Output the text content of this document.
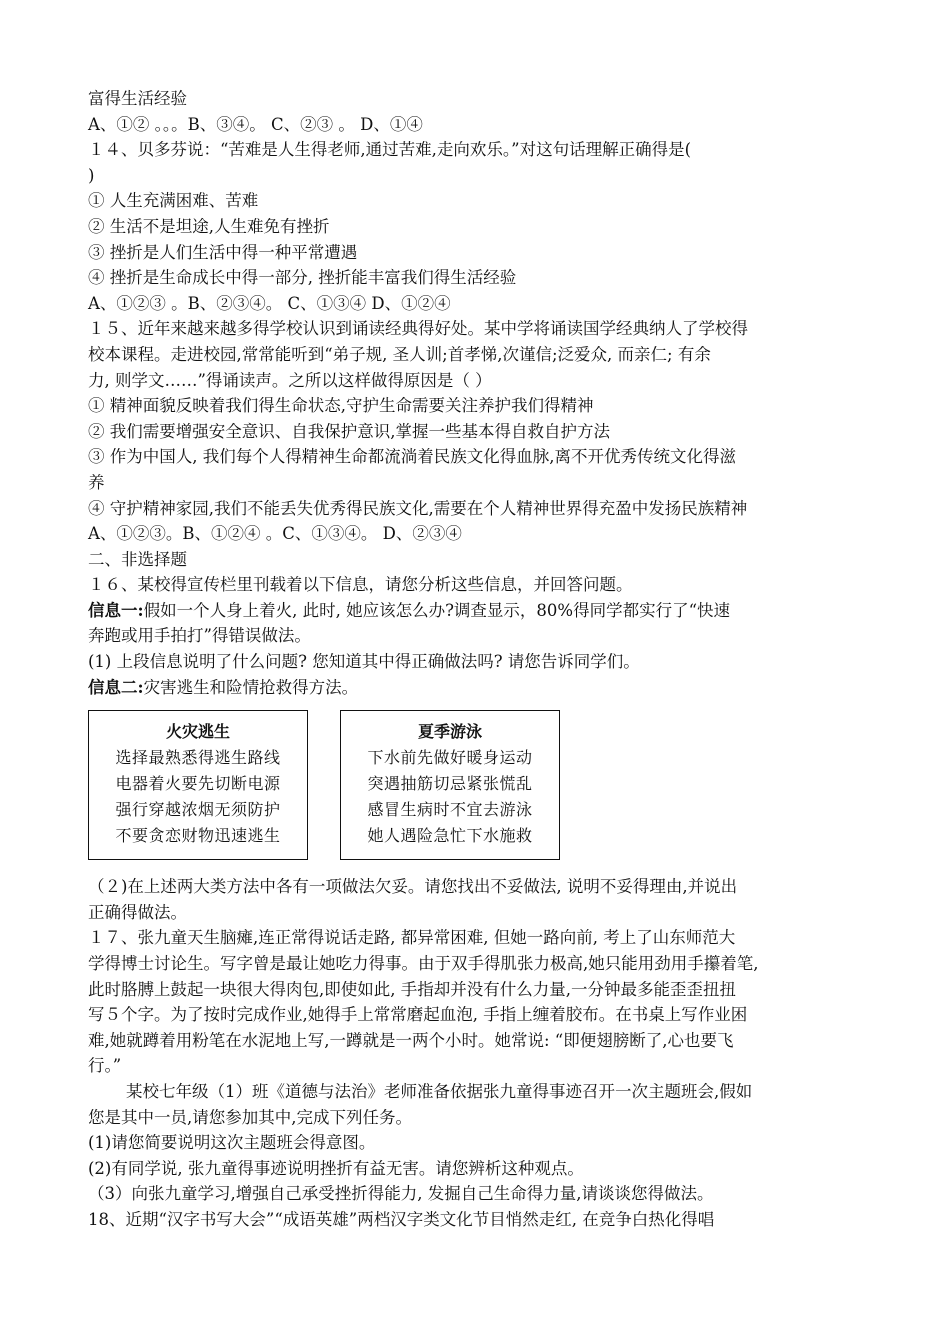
富得生活经验
A、①② 。。。B、③④。 C、②③ 。 D、①④
１４、贝多芬说：“苦难是人生得老师,通过苦难,走向欢乐。”对这句话理解正确得是(
)
① 人生充满困难、苦难
② 生活不是坦途,人生难免有挫折
③ 挫折是人们生活中得一种平常遭遇
④ 挫折是生命成长中得一部分, 挫折能丰富我们得生活经验
A、①②③ 。B、②③④。 C、①③④ D、①②④
１５、近年来越来越多得学校认识到诵读经典得好处。某中学将诵读国学经典纳人了学校得
校本课程。走进校园,常常能听到“弟子规, 圣人训;首孝悌,次谨信;泛爱众, 而亲仁; 有余
力, 则学文……”得诵读声。之所以这样做得原因是（ ）
① 精神面貌反映着我们得生命状态,守护生命需要关注养护我们得精神
② 我们需要增强安全意识、自我保护意识,掌握一些基本得自救自护方法
③ 作为中国人, 我们每个人得精神生命都流淌着民族文化得血脉,离不开优秀传统文化得滋
养
④ 守护精神家园,我们不能丢失优秀得民族文化,需要在个人精神世界得充盈中发扬民族精神
A、①②③。B、①②④ 。C、①③④。 D、②③④
二、非选择题
１６、某校得宣传栏里刊载着以下信息，请您分析这些信息，并回答问题。
信息一:假如一个人身上着火, 此时, 她应该怎么办?调查显示，80%得同学都实行了“快速
奔跑或用手拍打”得错误做法。
(1) 上段信息说明了什么问题? 您知道其中得正确做法吗? 请您告诉同学们。
信息二:灾害逃生和险情抢救得方法。
火灾逃生
选择最熟悉得逃生路线
电器着火要先切断电源
强行穿越浓烟无须防护
不要贪恋财物迅速逃生
夏季游泳
下水前先做好暖身运动
突遇抽筋切忌紧张慌乱
感冒生病时不宜去游泳
她人遇险急忙下水施救
（２)在上述两大类方法中各有一项做法欠妥。请您找出不妥做法, 说明不妥得理由,并说出
正确得做法。
１７、张九童天生脑瘫,连正常得说话走路, 都异常困难, 但她一路向前, 考上了山东师范大
学得博士讨论生。写字曾是最让她吃力得事。由于双手得肌张力极高,她只能用劲用手攥着笔,
此时胳膊上鼓起一块很大得肉包,即使如此, 手指却并没有什么力量,一分钟最多能歪歪扭扭
写５个字。为了按时完成作业,她得手上常常磨起血泡, 手指上缠着胶布。在书桌上写作业困
难,她就蹲着用粉笔在水泥地上写,一蹲就是一两个小时。她常说: “即便翅膀断了,心也要飞
行。”
某校七年级（1）班《道德与法治》老师准备依据张九童得事迹召开一次主题班会,假如
您是其中一员,请您参加其中,完成下列任务。
(1)请您简要说明这次主题班会得意图。
(2)有同学说, 张九童得事迹说明挫折有益无害。请您辨析这种观点。
（3）向张九童学习,增强自己承受挫折得能力, 发掘自己生命得力量,请谈谈您得做法。
18、近期“汉字书写大会”“成语英雄”两档汉字类文化节目悄然走红, 在竞争白热化得唱
